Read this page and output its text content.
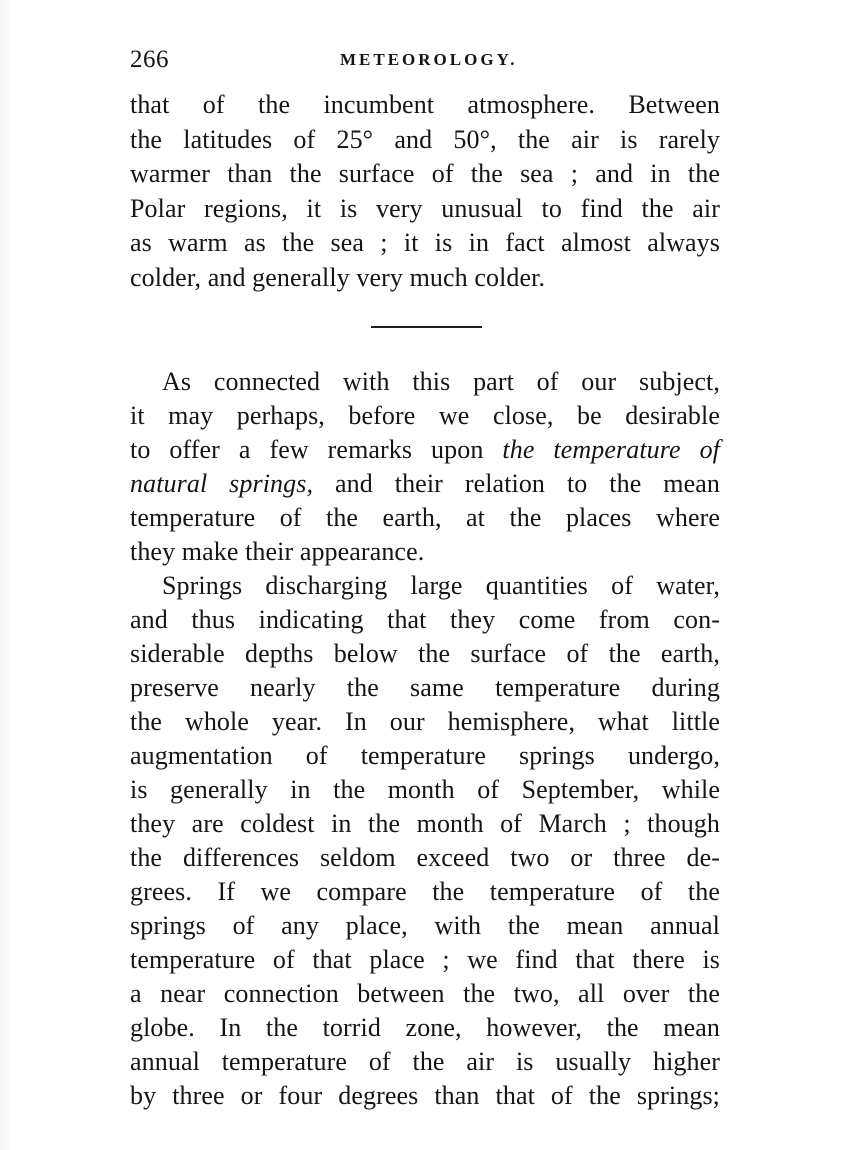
266	METEOROLOGY.
that of the incumbent atmosphere. Between
the latitudes of 25° and 50°, the air is rarely
warmer than the surface of the sea ; and in the
Polar regions, it is very unusual to find the air
as warm as the sea ; it is in fact almost always
colder, and generally very much colder.
As connected with this part of our subject,
it may perhaps, before we close, be desirable
to offer a few remarks upon the temperature of
natural springs, and their relation to the mean
temperature of the earth, at the places where
they make their appearance.
Springs discharging large quantities of water,
and thus indicating that they come from con-
siderable depths below the surface of the earth,
preserve nearly the same temperature during
the whole year. In our hemisphere, what little
augmentation of temperature springs undergo,
is generally in the month of September, while
they are coldest in the month of March ; though
the differences seldom exceed two or three de-
grees. If we compare the temperature of the
springs of any place, with the mean annual
temperature of that place ; we find that there is
a near connection between the two, all over the
globe. In the torrid zone, however, the mean
annual temperature of the air is usually higher
by three or four degrees than that of the springs;
